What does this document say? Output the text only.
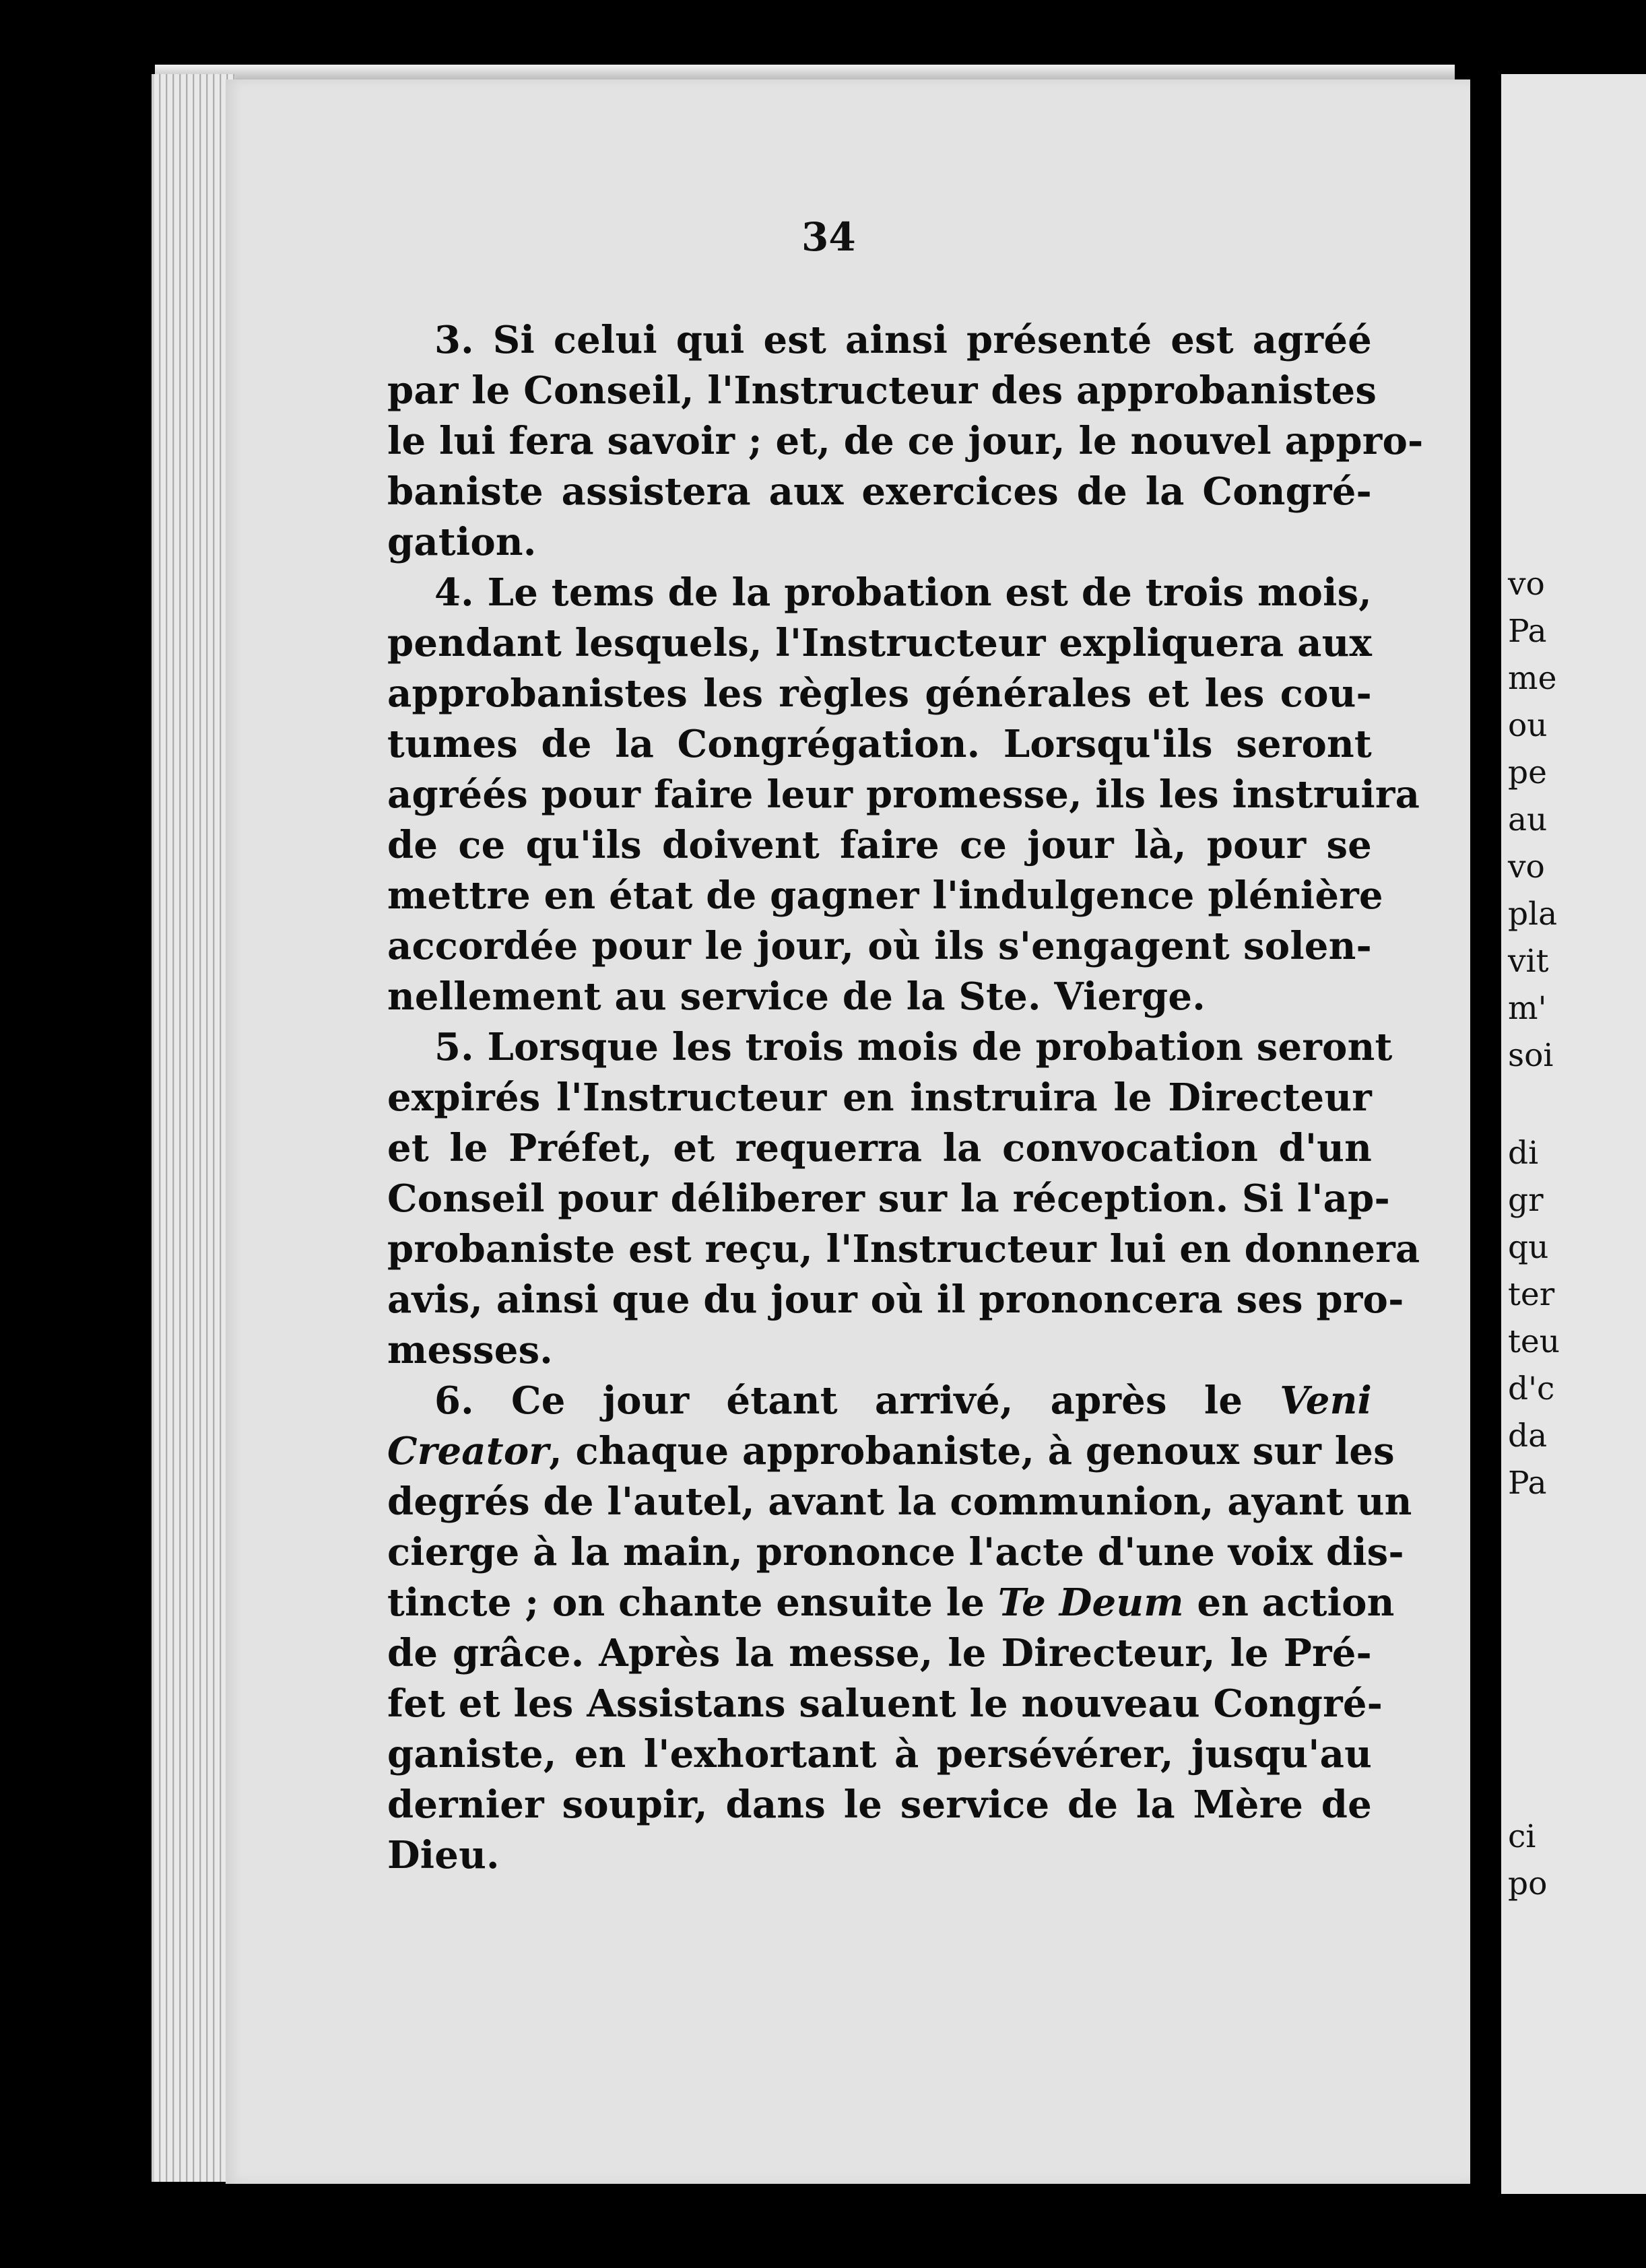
34
3. Si celui qui est ainsi présenté est agréé
par le Conseil, l'Instructeur des approbanistes
le lui fera savoir ; et, de ce jour, le nouvel appro-
baniste assistera aux exercices de la Congré-
gation.
4. Le tems de la probation est de trois mois,
pendant lesquels, l'Instructeur expliquera aux
approbanistes les règles générales et les cou-
tumes de la Congrégation. Lorsqu'ils seront
agréés pour faire leur promesse, ils les instruira
de ce qu'ils doivent faire ce jour là, pour se
mettre en état de gagner l'indulgence plénière
accordée pour le jour, où ils s'engagent solen-
nellement au service de la Ste. Vierge.
5. Lorsque les trois mois de probation seront
expirés l'Instructeur en instruira le Directeur
et le Préfet, et requerra la convocation d'un
Conseil pour déliberer sur la réception. Si l'ap-
probaniste est reçu, l'Instructeur lui en donnera
avis, ainsi que du jour où il prononcera ses pro-
messes.
6. Ce jour étant arrivé, après le Veni
Creator, chaque approbaniste, à genoux sur les
degrés de l'autel, avant la communion, ayant un
cierge à la main, prononce l'acte d'une voix dis-
tincte ; on chante ensuite le Te Deum en action
de grâce. Après la messe, le Directeur, le Pré-
fet et les Assistans saluent le nouveau Congré-
ganiste, en l'exhortant à persévérer, jusqu'au
dernier soupir, dans le service de la Mère de
Dieu.
vo
Pa
me
ou
pe
au
vo
pla
vit
m'
soi
di
gr
qu
ter
teu
d'c
da
Pa
ci
po
